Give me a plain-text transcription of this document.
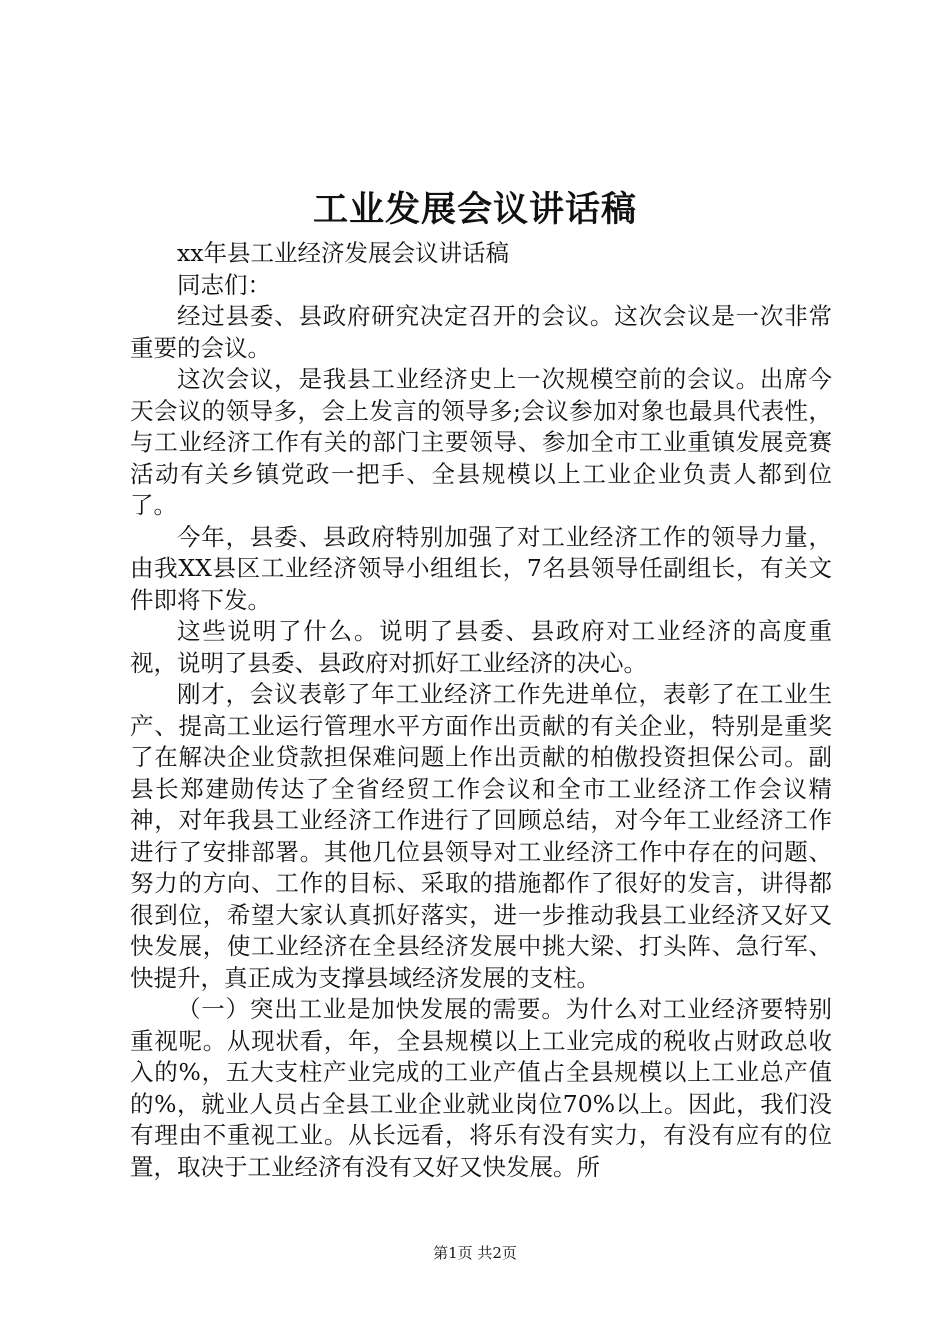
工业发展会议讲话稿

xx年县工业经济发展会议讲话稿

同志们：

经过县委、县政府研究决定召开的会议。这次会议是一次非常重要的会议。

这次会议，是我县工业经济史上一次规模空前的会议。出席今天会议的领导多，会上发言的领导多;会议参加对象也最具代表性，与工业经济工作有关的部门主要领导、参加全市工业重镇发展竞赛活动有关乡镇党政一把手、全县规模以上工业企业负责人都到位了。

今年，县委、县政府特别加强了对工业经济工作的领导力量，由我XX县区工业经济领导小组组长，7名县领导任副组长，有关文件即将下发。

这些说明了什么。说明了县委、县政府对工业经济的高度重视，说明了县委、县政府对抓好工业经济的决心。

刚才，会议表彰了年工业经济工作先进单位，表彰了在工业生产、提高工业运行管理水平方面作出贡献的有关企业，特别是重奖了在解决企业贷款担保难问题上作出贡献的柏傲投资担保公司。副县长郑建勋传达了全省经贸工作会议和全市工业经济工作会议精神，对年我县工业经济工作进行了回顾总结，对今年工业经济工作进行了安排部署。其他几位县领导对工业经济工作中存在的问题、努力的方向、工作的目标、采取的措施都作了很好的发言，讲得都很到位，希望大家认真抓好落实，进一步推动我县工业经济又好又快发展，使工业经济在全县经济发展中挑大梁、打头阵、急行军、快提升，真正成为支撑县域经济发展的支柱。

（一）突出工业是加快发展的需要。为什么对工业经济要特别重视呢。从现状看，年，全县规模以上工业完成的税收占财政总收入的%，五大支柱产业完成的工业产值占全县规模以上工业总产值的%，就业人员占全县工业企业就业岗位70%以上。因此，我们没有理由不重视工业。从长远看，将乐有没有实力，有没有应有的位置，取决于工业经济有没有又好又快发展。所

第1页 共2页
